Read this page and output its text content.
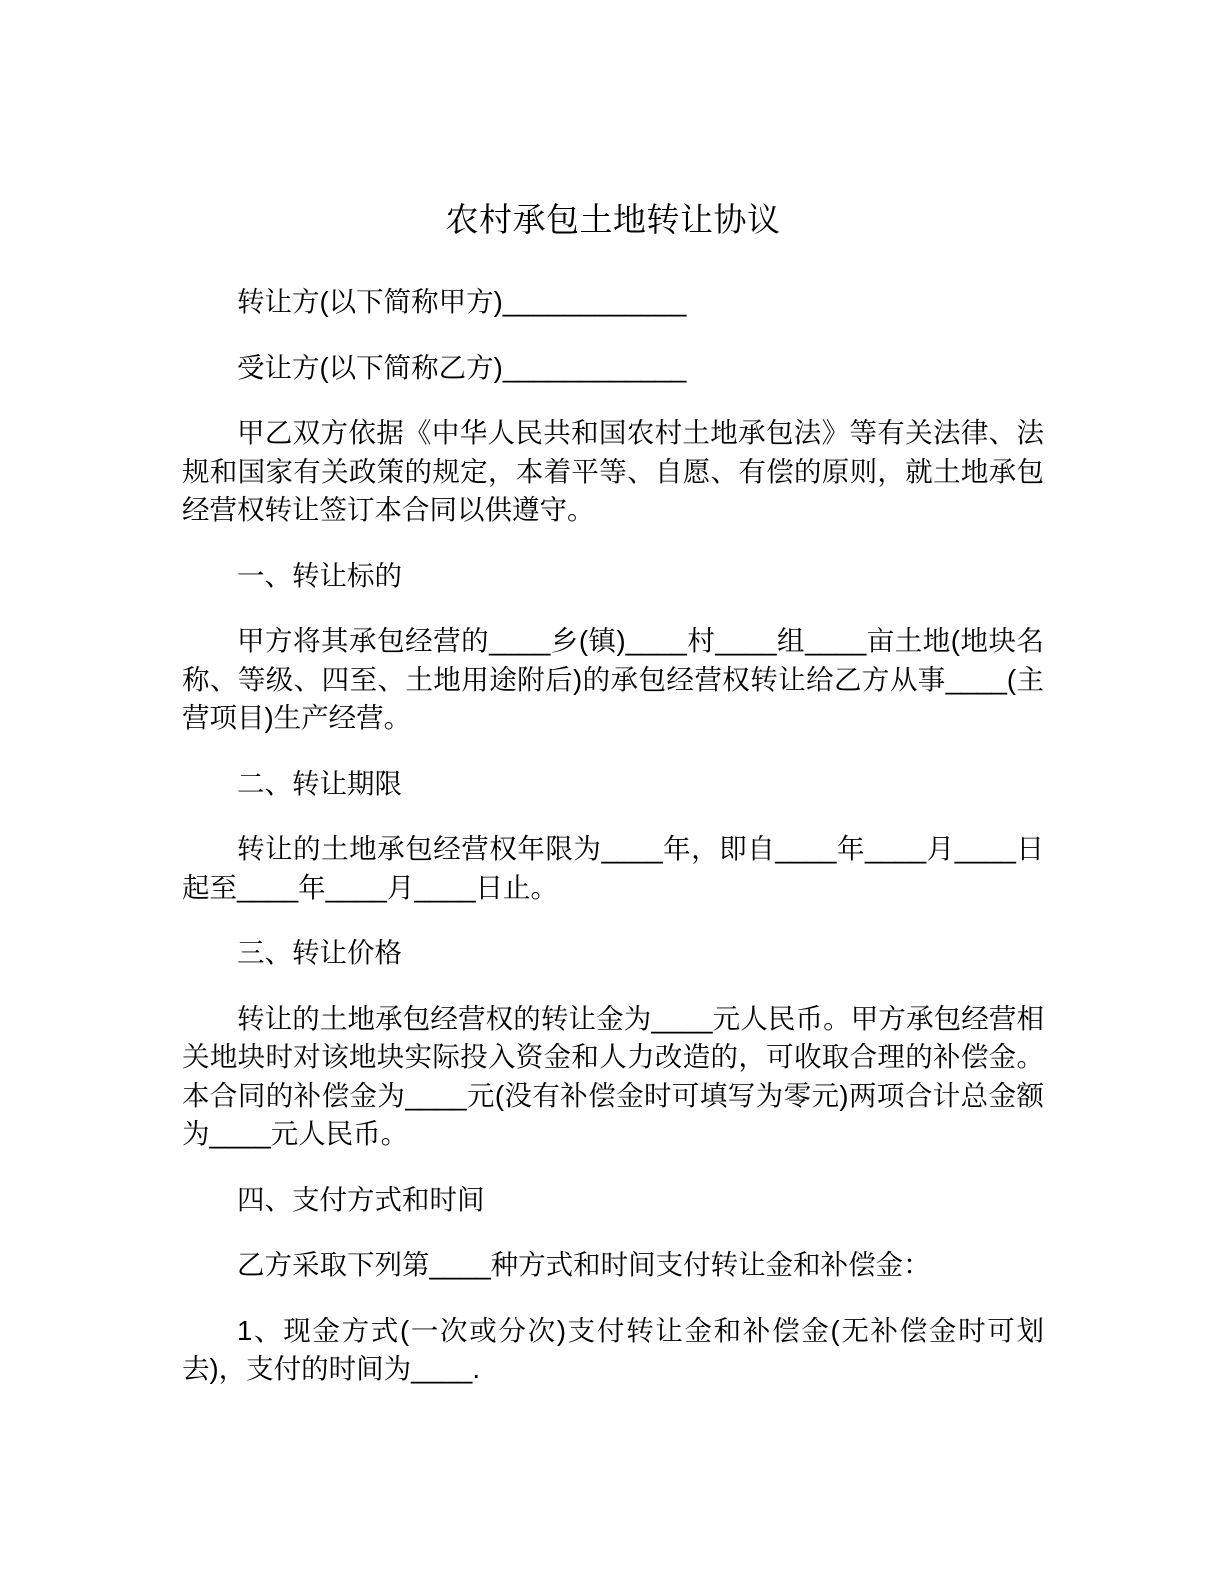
农村承包土地转让协议

转让方(以下简称甲方)____________

受让方(以下简称乙方)____________

甲乙双方依据《中华人民共和国农村土地承包法》等有关法律、法规和国家有关政策的规定，本着平等、自愿、有偿的原则，就土地承包经营权转让签订本合同以供遵守。

一、转让标的

甲方将其承包经营的____乡(镇)____村____组____亩土地(地块名称、等级、四至、土地用途附后)的承包经营权转让给乙方从事____(主营项目)生产经营。

二、转让期限

转让的土地承包经营权年限为____年，即自____年____月____日起至____年____月____日止。

三、转让价格

转让的土地承包经营权的转让金为____元人民币。甲方承包经营相关地块时对该地块实际投入资金和人力改造的，可收取合理的补偿金。本合同的补偿金为____元(没有补偿金时可填写为零元)两项合计总金额为____元人民币。

四、支付方式和时间

乙方采取下列第____种方式和时间支付转让金和补偿金：

1、现金方式(一次或分次)支付转让金和补偿金(无补偿金时可划去)，支付的时间为____.
